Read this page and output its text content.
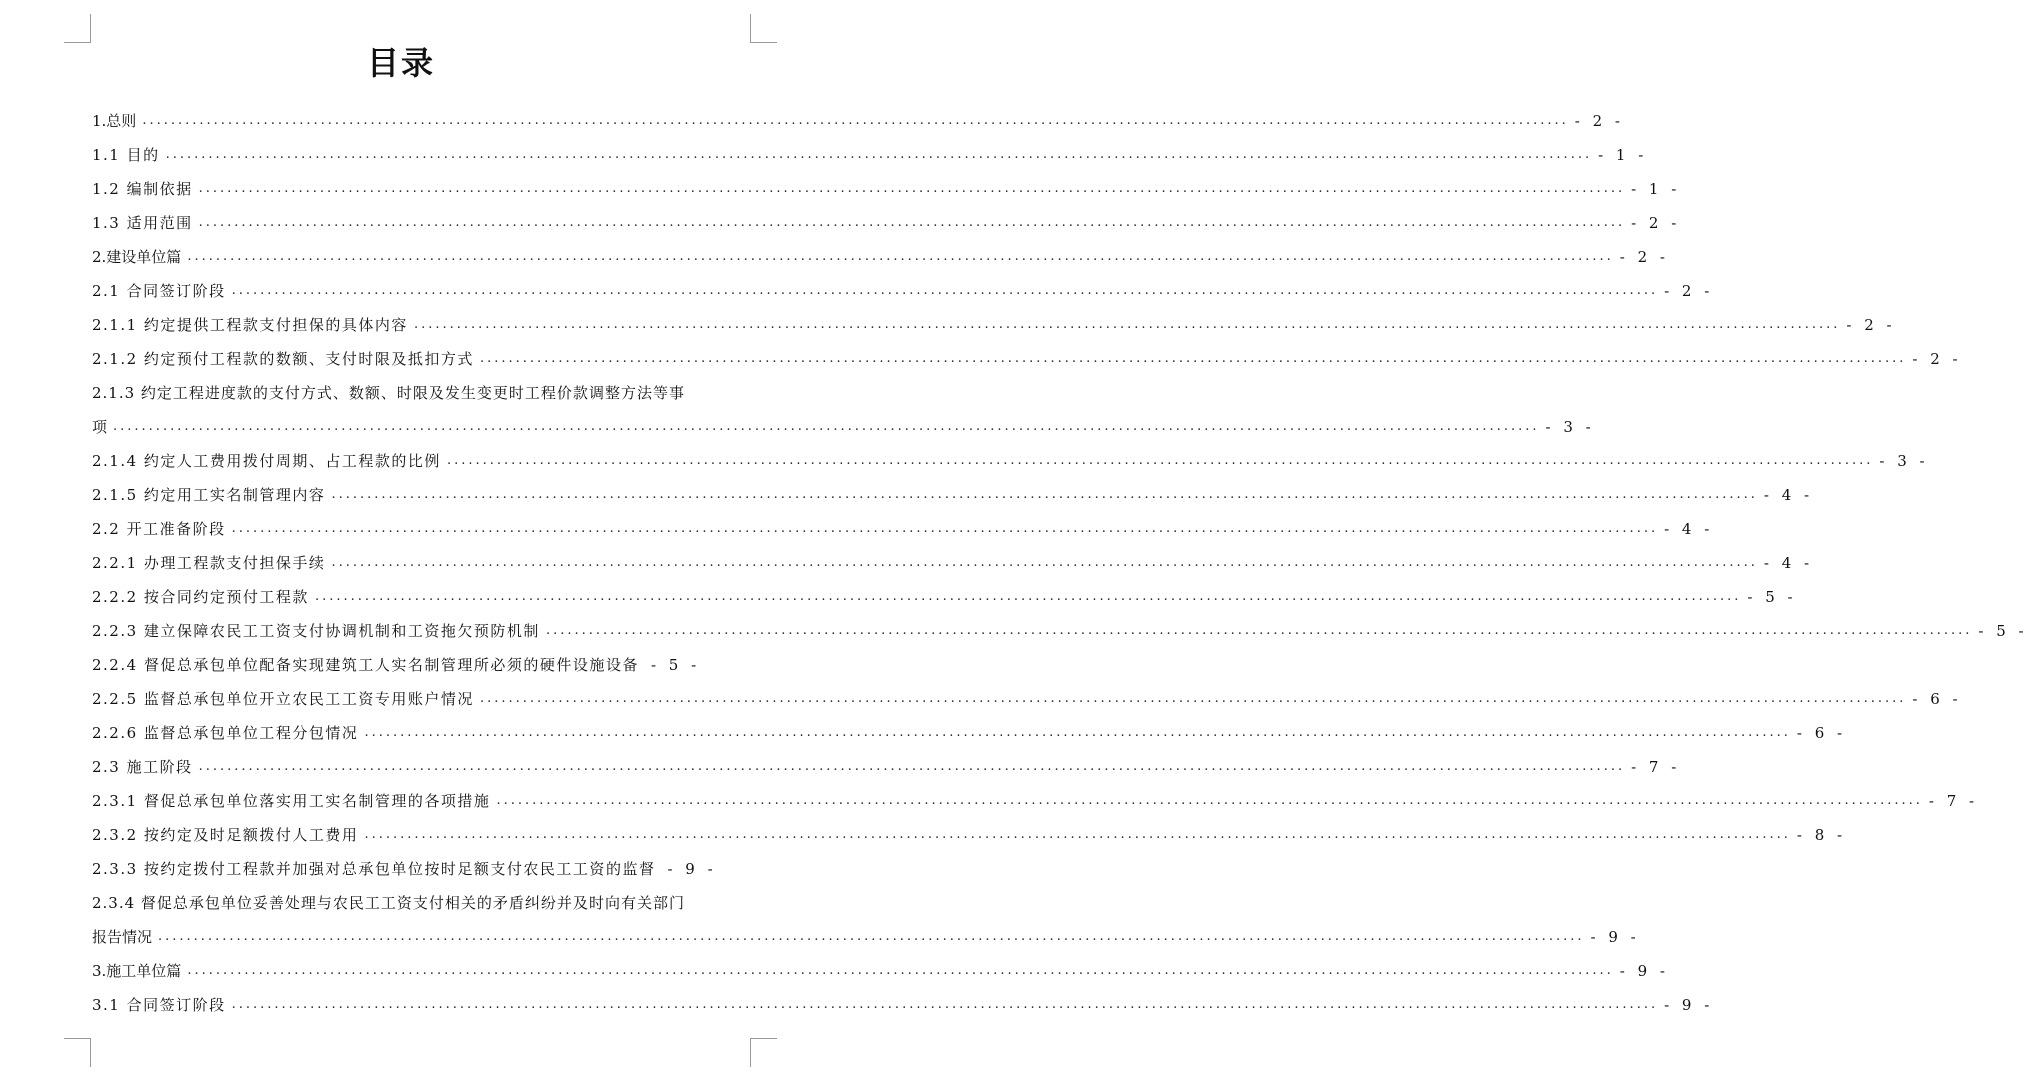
目录
1.总则 ........................................................................................................................................................................................................ - 2 -
1.1 目的 ........................................................................................................................................................................................................ - 1 -
1.2 编制依据 ........................................................................................................................................................................................................ - 1 -
1.3 适用范围 ........................................................................................................................................................................................................ - 2 -
2.建设单位篇 ........................................................................................................................................................................................................ - 2 -
2.1 合同签订阶段 ........................................................................................................................................................................................................ - 2 -
2.1.1 约定提供工程款支付担保的具体内容 ........................................................................................................................................................................................................ - 2 -
2.1.2 约定预付工程款的数额、支付时限及抵扣方式 ........................................................................................................................................................................................................ - 2 -
2.1.3 约定工程进度款的支付方式、数额、时限及发生变更时工程价款调整方法等事
项 ........................................................................................................................................................................................................ - 3 -
2.1.4 约定人工费用拨付周期、占工程款的比例 ........................................................................................................................................................................................................ - 3 -
2.1.5 约定用工实名制管理内容 ........................................................................................................................................................................................................ - 4 -
2.2 开工准备阶段 ........................................................................................................................................................................................................ - 4 -
2.2.1 办理工程款支付担保手续 ........................................................................................................................................................................................................ - 4 -
2.2.2 按合同约定预付工程款 ........................................................................................................................................................................................................ - 5 -
2.2.3 建立保障农民工工资支付协调机制和工资拖欠预防机制 ........................................................................................................................................................................................................ - 5 -
2.2.4 督促总承包单位配备实现建筑工人实名制管理所必须的硬件设施设备 - 5 -
2.2.5 监督总承包单位开立农民工工资专用账户情况 ........................................................................................................................................................................................................ - 6 -
2.2.6 监督总承包单位工程分包情况 ........................................................................................................................................................................................................ - 6 -
2.3 施工阶段 ........................................................................................................................................................................................................ - 7 -
2.3.1 督促总承包单位落实用工实名制管理的各项措施 ........................................................................................................................................................................................................ - 7 -
2.3.2 按约定及时足额拨付人工费用 ........................................................................................................................................................................................................ - 8 -
2.3.3 按约定拨付工程款并加强对总承包单位按时足额支付农民工工资的监督 - 9 -
2.3.4 督促总承包单位妥善处理与农民工工资支付相关的矛盾纠纷并及时向有关部门
报告情况 ........................................................................................................................................................................................................ - 9 -
3.施工单位篇 ........................................................................................................................................................................................................ - 9 -
3.1 合同签订阶段 ........................................................................................................................................................................................................ - 9 -
